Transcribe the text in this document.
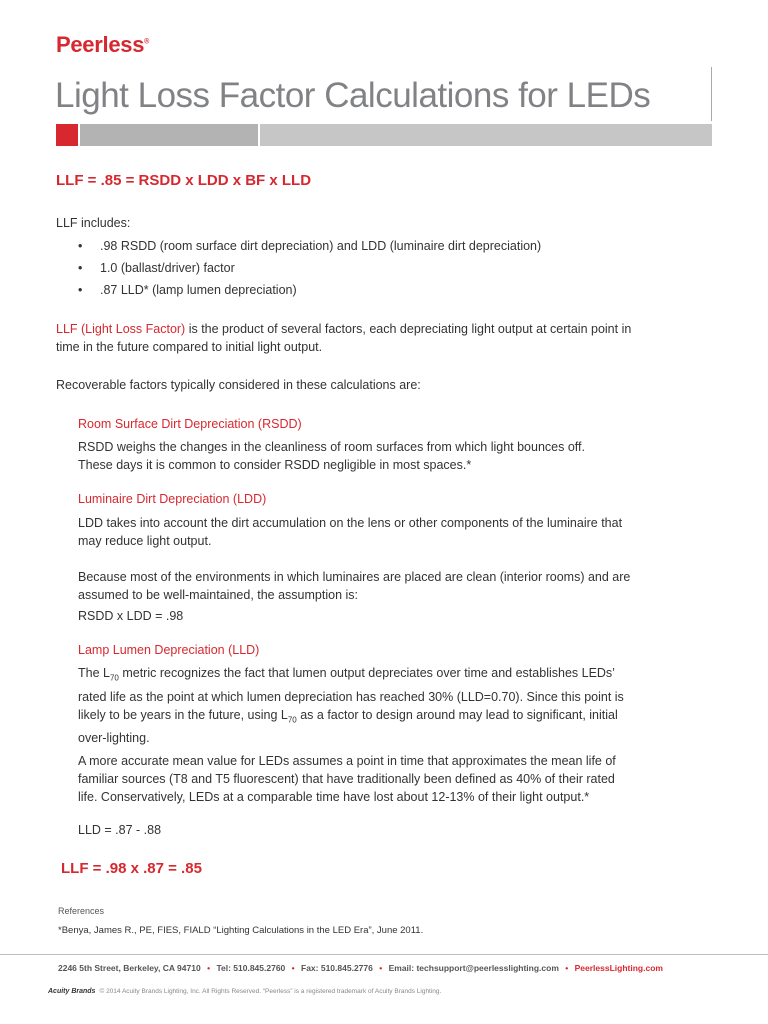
Peerless®
Light Loss Factor Calculations for LEDs
LLF = .85 = RSDD x LDD x BF x LLD
LLF includes:
• .98 RSDD (room surface dirt depreciation) and LDD (luminaire dirt depreciation)
• 1.0 (ballast/driver) factor
• .87 LLD* (lamp lumen depreciation)
LLF (Light Loss Factor) is the product of several factors, each depreciating light output at certain point in
time in the future compared to initial light output.
Recoverable factors typically considered in these calculations are:
Room Surface Dirt Depreciation (RSDD)
RSDD weighs the changes in the cleanliness of room surfaces from which light bounces off.
These days it is common to consider RSDD negligible in most spaces.*
Luminaire Dirt Depreciation (LDD)
LDD takes into account the dirt accumulation on the lens or other components of the luminaire that
may reduce light output.
Because most of the environments in which luminaires are placed are clean (interior rooms) and are
assumed to be well-maintained, the assumption is:
RSDD x LDD = .98
Lamp Lumen Depreciation (LLD)
The $L_{70}$ metric recognizes the fact that lumen output depreciates over time and establishes LEDs’
rated life as the point at which lumen depreciation has reached 30% (LLD=0.70). Since this point is
likely to be years in the future, using $L_{70}$ as a factor to design around may lead to significant, initial
over-lighting.
A more accurate mean value for LEDs assumes a point in time that approximates the mean life of
familiar sources (T8 and T5 fluorescent) that have traditionally been defined as 40% of their rated
life. Conservatively, LEDs at a comparable time have lost about 12-13% of their light output.*
LLD = .87 - .88
LLF = .98 x .87 = .85
References
*Benya, James R., PE, FIES, FIALD “Lighting Calculations in the LED Era”, June 2011.
2246 5th Street, Berkeley, CA 94710 • Tel: 510.845.2760 • Fax: 510.845.2776 • Email: techsupport@peerlesslighting.com • PeerlessLighting.com
Acuity Brands © 2014 Acuity Brands Lighting, Inc. All Rights Reserved. “Peerless” is a registered trademark of Acuity Brands Lighting.
